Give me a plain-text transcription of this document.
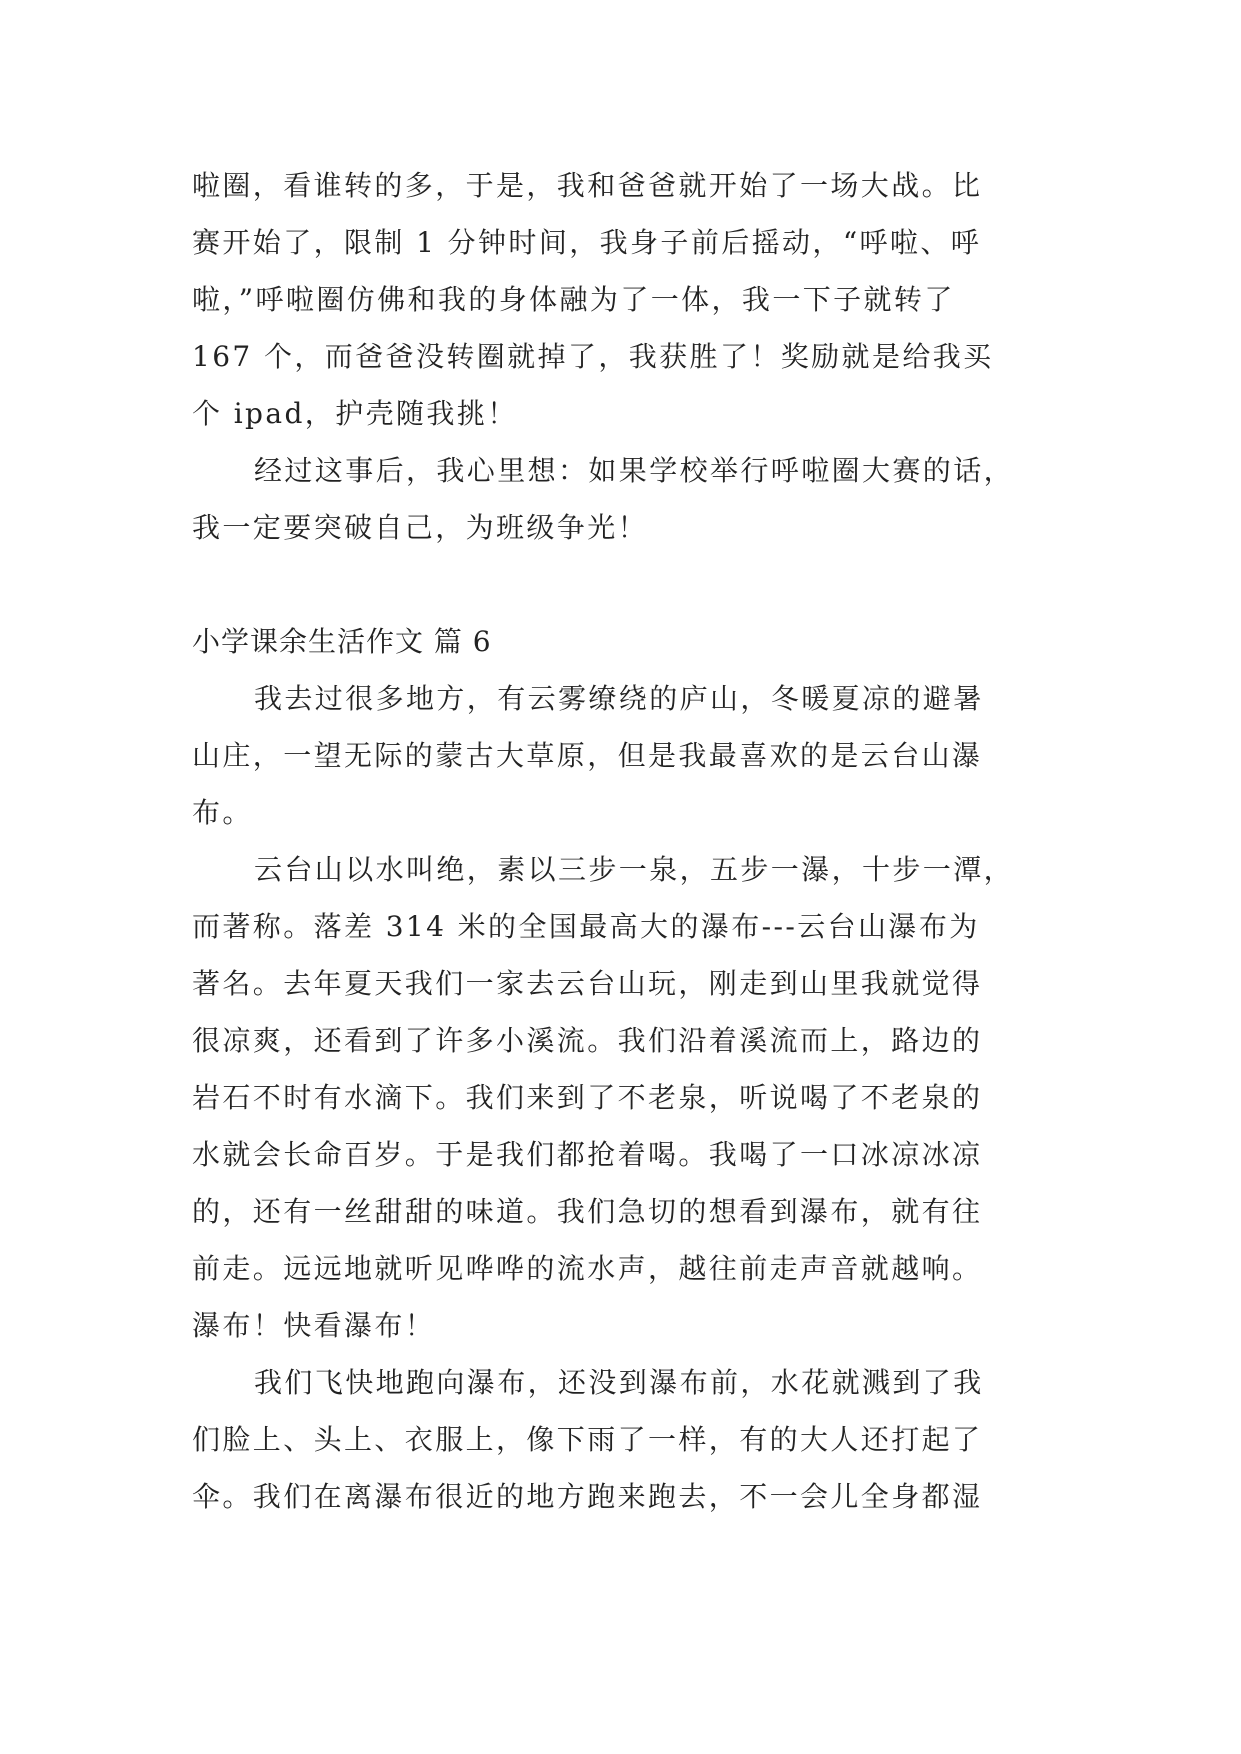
啦圈，看谁转的多，于是，我和爸爸就开始了一场大战。比
赛开始了，限制 1 分钟时间，我身子前后摇动，“呼啦、呼
啦，”呼啦圈仿佛和我的身体融为了一体，我一下子就转了
167 个，而爸爸没转圈就掉了，我获胜了！奖励就是给我买
个 ipad，护壳随我挑！
经过这事后，我心里想：如果学校举行呼啦圈大赛的话，
我一定要突破自己，为班级争光！
小学课余生活作文 篇 6
我去过很多地方，有云雾缭绕的庐山，冬暖夏凉的避暑
山庄，一望无际的蒙古大草原，但是我最喜欢的是云台山瀑
布。
云台山以水叫绝，素以三步一泉，五步一瀑，十步一潭，
而著称。落差 314 米的全国最高大的瀑布---云台山瀑布为
著名。去年夏天我们一家去云台山玩，刚走到山里我就觉得
很凉爽，还看到了许多小溪流。我们沿着溪流而上，路边的
岩石不时有水滴下。我们来到了不老泉，听说喝了不老泉的
水就会长命百岁。于是我们都抢着喝。我喝了一口冰凉冰凉
的，还有一丝甜甜的味道。我们急切的想看到瀑布，就有往
前走。远远地就听见哗哗的流水声，越往前走声音就越响。
瀑布！快看瀑布！
我们飞快地跑向瀑布，还没到瀑布前，水花就溅到了我
们脸上、头上、衣服上，像下雨了一样，有的大人还打起了
伞。我们在离瀑布很近的地方跑来跑去，不一会儿全身都湿
